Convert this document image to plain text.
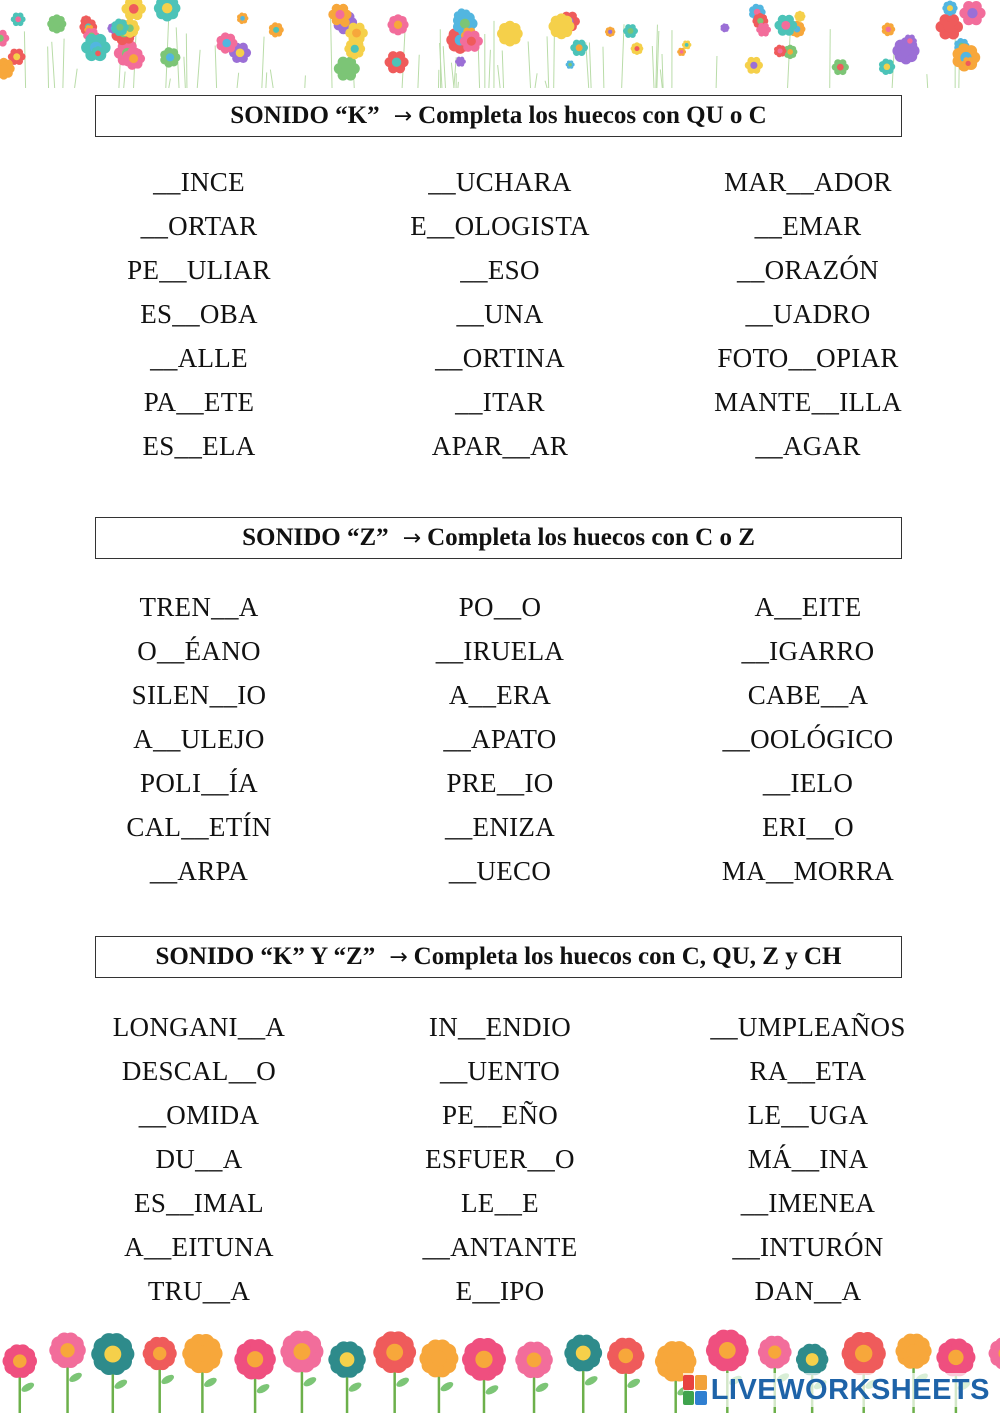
SONIDO “K” → Completa los huecos con QU o C
__INCE	__UCHARA	MAR__ADOR
__ORTAR	E__OLOGISTA	__EMAR
PE__ULIAR	__ESO	__ORAZÓN
ES__OBA	__UNA	__UADRO
__ALLE	__ORTINA	FOTO__OPIAR
PA__ETE	__ITAR	MANTE__ILLA
ES__ELA	APAR__AR	__AGAR
SONIDO “Z” → Completa los huecos con C o Z
TREN__A	PO__O	A__EITE
O__ÉANO	__IRUELA	__IGARRO
SILEN__IO	A__ERA	CABE__A
A__ULEJO	__APATO	__OOLÓGICO
POLI__ÍA	PRE__IO	__IELO
CAL__ETÍN	__ENIZA	ERI__O
__ARPA	__UECO	MA__MORRA
SONIDO “K” Y “Z” → Completa los huecos con C, QU, Z y CH
LONGANI__A	IN__ENDIO	__UMPLEAÑOS
DESCAL__O	__UENTO	RA__ETA
__OMIDA	PE__EÑO	LE__UGA
DU__A	ESFUER__O	MÁ__INA
ES__IMAL	LE__E	__IMENEA
A__EITUNA	__ANTANTE	__INTURÓN
TRU__A	E__IPO	DAN__A
LIVEWORKSHEETS
